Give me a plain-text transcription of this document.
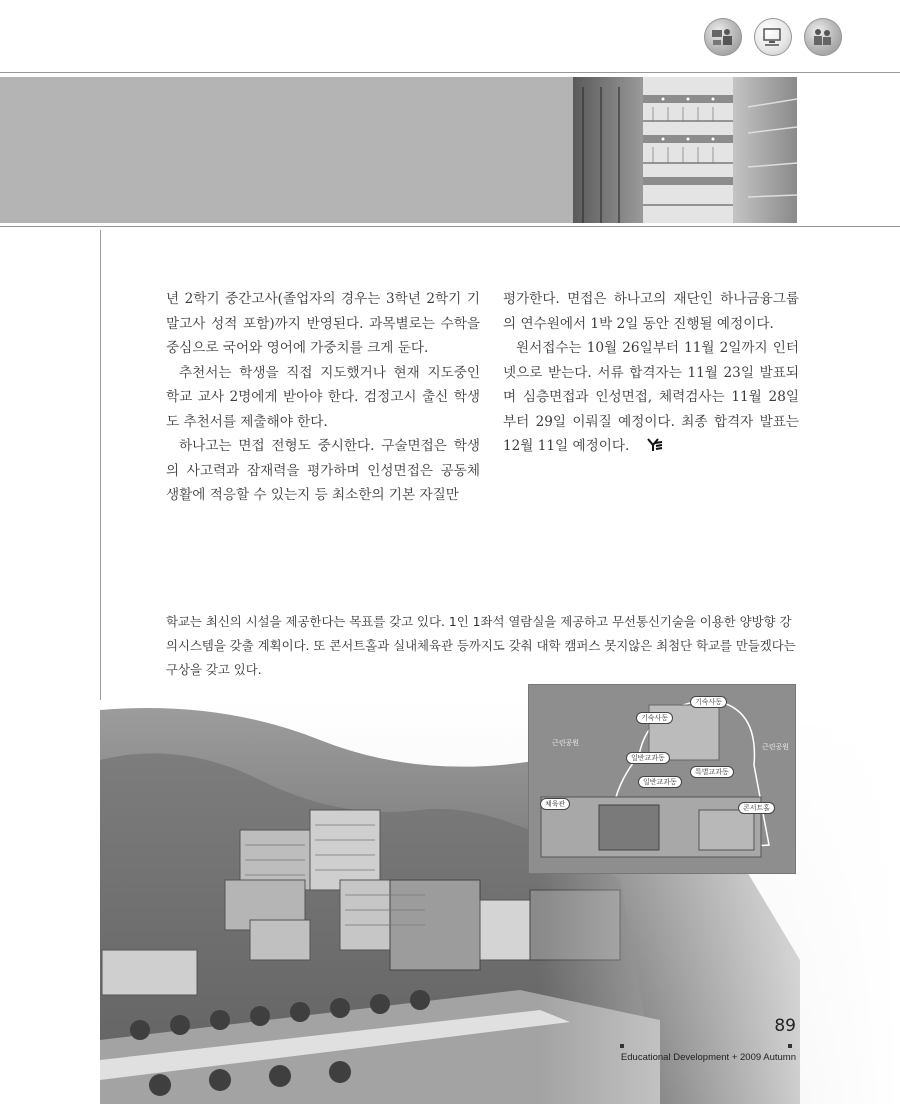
년 2학기 중간고사(졸업자의 경우는 3학년 2학기 기말고사 성적 포함)까지 반영된다. 과목별로는 수학을 중심으로 국어와 영어에 가중치를 크게 둔다.

추천서는 학생을 직접 지도했거나 현재 지도중인 학교 교사 2명에게 받아야 한다. 검정고시 출신 학생도 추천서를 제출해야 한다.

하나고는 면접 전형도 중시한다. 구술면접은 학생의 사고력과 잠재력을 평가하며 인성면접은 공동체 생활에 적응할 수 있는지 등 최소한의 기본 자질만

평가한다. 면접은 하나고의 재단인 하나금융그룹의 연수원에서 1박 2일 동안 진행될 예정이다.

원서접수는 10월 26일부터 11월 2일까지 인터넷으로 받는다. 서류 합격자는 11월 23일 발표되며 심층면접과 인성면접, 체력검사는 11월 28일부터 29일 이뤄질 예정이다. 최종 합격자 발표는 12월 11일 예정이다.

학교는 최신의 시설을 제공한다는 목표를 갖고 있다. 1인 1좌석 열람실을 제공하고 무선통신기술을 이용한 양방향 강의시스템을 갖출 계획이다. 또 콘서트홀과 실내체육관 등까지도 갖춰 대학 캠퍼스 못지않은 최첨단 학교를 만들겠다는 구상을 갖고 있다.
기숙사동
기숙사동
근린공원	근린공원
일반교과동
특별교과동
일반교과동
체육관	콘서트홀
89
Educational Development + 2009 Autumn
